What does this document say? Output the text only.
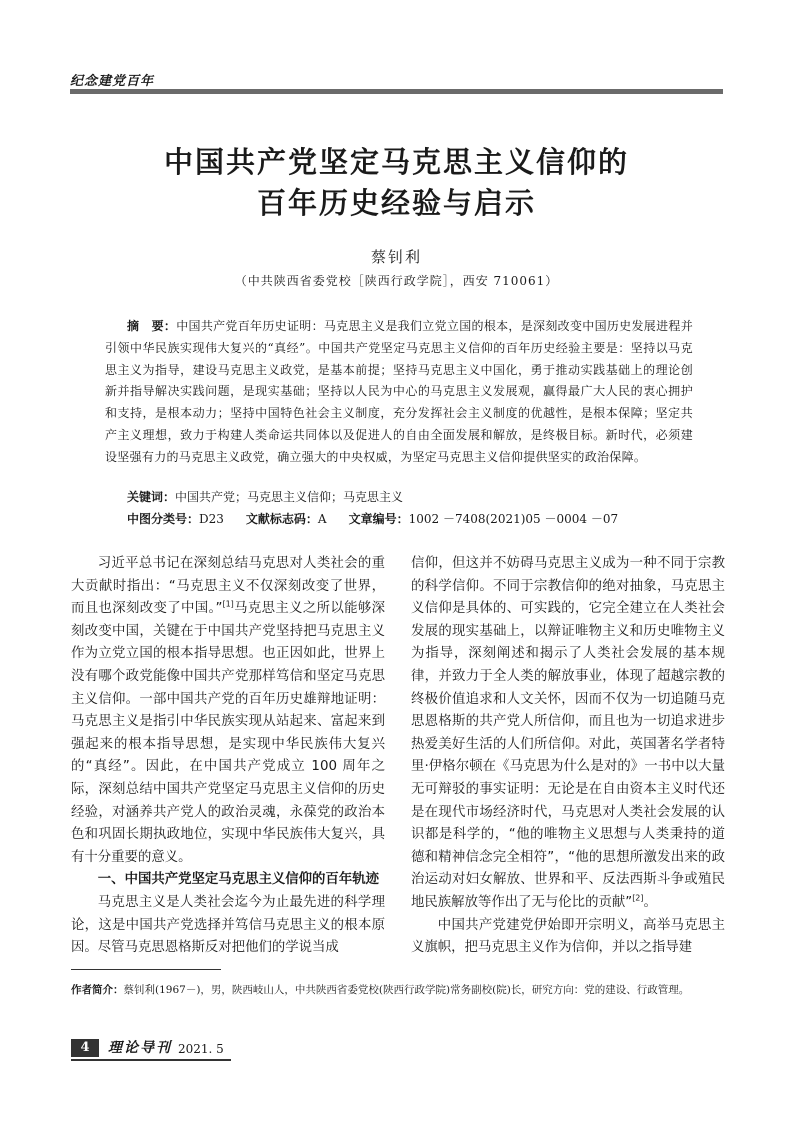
纪念建党百年
中国共产党坚定马克思主义信仰的
百年历史经验与启示
蔡钊利
（中共陕西省委党校［陕西行政学院］，西安 710061）
摘　要：中国共产党百年历史证明：马克思主义是我们立党立国的根本，是深刻改变中国历史发展进程并引领中华民族实现伟大复兴的“真经”。中国共产党坚定马克思主义信仰的百年历史经验主要是：坚持以马克思主义为指导，建设马克思主义政党，是基本前提；坚持马克思主义中国化，勇于推动实践基础上的理论创新并指导解决实践问题，是现实基础；坚持以人民为中心的马克思主义发展观，赢得最广大人民的衷心拥护和支持，是根本动力；坚持中国特色社会主义制度，充分发挥社会主义制度的优越性，是根本保障；坚定共产主义理想，致力于构建人类命运共同体以及促进人的自由全面发展和解放，是终极目标。新时代，必须建设坚强有力的马克思主义政党，确立强大的中央权威，为坚定马克思主义信仰提供坚实的政治保障。
关键词：中国共产党；马克思主义信仰；马克思主义
中图分类号：D23 文献标志码：A 文章编号：1002 －7408(2021)05 －0004 －07

习近平总书记在深刻总结马克思对人类社会的重大贡献时指出：“马克思主义不仅深刻改变了世界，而且也深刻改变了中国。”[1]马克思主义之所以能够深刻改变中国，关键在于中国共产党坚持把马克思主义作为立党立国的根本指导思想。也正因如此，世界上没有哪个政党能像中国共产党那样笃信和坚定马克思主义信仰。一部中国共产党的百年历史雄辩地证明：马克思主义是指引中华民族实现从站起来、富起来到强起来的根本指导思想，是实现中华民族伟大复兴的“真经”。因此，在中国共产党成立 100 周年之际，深刻总结中国共产党坚定马克思主义信仰的历史经验，对涵养共产党人的政治灵魂，永葆党的政治本色和巩固长期执政地位，实现中华民族伟大复兴，具有十分重要的意义。

一、中国共产党坚定马克思主义信仰的百年轨迹

马克思主义是人类社会迄今为止最先进的科学理论，这是中国共产党选择并笃信马克思主义的根本原因。尽管马克思恩格斯反对把他们的学说当成

信仰，但这并不妨碍马克思主义成为一种不同于宗教的科学信仰。不同于宗教信仰的绝对抽象，马克思主义信仰是具体的、可实践的，它完全建立在人类社会发展的现实基础上，以辩证唯物主义和历史唯物主义为指导，深刻阐述和揭示了人类社会发展的基本规律，并致力于全人类的解放事业，体现了超越宗教的终极价值追求和人文关怀，因而不仅为一切追随马克思恩格斯的共产党人所信仰，而且也为一切追求进步热爱美好生活的人们所信仰。对此，英国著名学者特里·伊格尔顿在《马克思为什么是对的》一书中以大量无可辩驳的事实证明：无论是在自由资本主义时代还是在现代市场经济时代，马克思对人类社会发展的认识都是科学的，“他的唯物主义思想与人类秉持的道德和精神信念完全相符”，“他的思想所激发出来的政治运动对妇女解放、世界和平、反法西斯斗争或殖民地民族解放等作出了无与伦比的贡献”[2]。

中国共产党建党伊始即开宗明义，高举马克思主义旗帜，把马克思主义作为信仰，并以之指导建

作者简介：蔡钊利(1967－)，男，陕西岐山人，中共陕西省委党校(陕西行政学院)常务副校(院)长，研究方向：党的建设、行政管理。
4	理论导刊 2021. 5
